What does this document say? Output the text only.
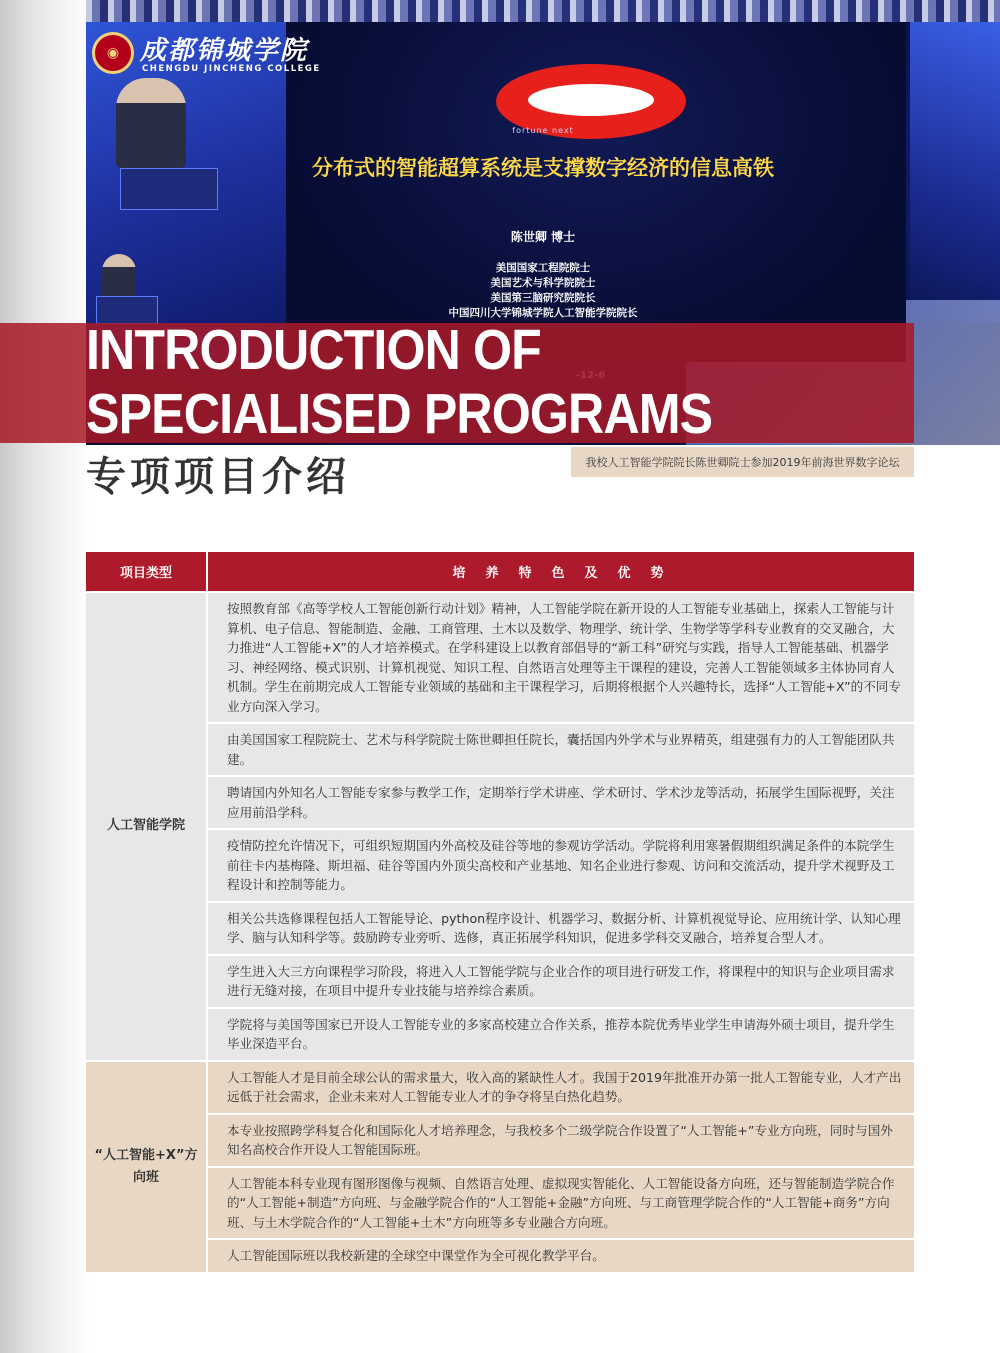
fortune next
分布式的智能超算系统是支撑数字经济的信息高铁
陈世卿 博士
美国国家工程院院士
美国艺术与科学院院士
美国第三脑研究院院长
中国四川大学锦城学院人工智能学院院长
◉ 成都锦城学院
CHENGDU JINCHENG COLLEGE
INTRODUCTION OF
SPECIALISED PROGRAMS
专项项目介绍	我校人工智能学院院长陈世卿院士参加2019年前海世界数字论坛
项目类型	培养特色及优势
人工智能学院	按照教育部《高等学校人工智能创新行动计划》精神，人工智能学院在新开设的人工智能专业基础上，探索人工智能与计算机、电子信息、智能制造、金融、工商管理、土木以及数学、物理学、统计学、生物学等学科专业教育的交叉融合，大力推进“人工智能+X”的人才培养模式。在学科建设上以教育部倡导的“新工科”研究与实践，指导人工智能基础、机器学习、神经网络、模式识别、计算机视觉、知识工程、自然语言处理等主干课程的建设，完善人工智能领域多主体协同育人机制。学生在前期完成人工智能专业领域的基础和主干课程学习，后期将根据个人兴趣特长，选择“人工智能+X”的不同专业方向深入学习。
	由美国国家工程院院士、艺术与科学院院士陈世卿担任院长，囊括国内外学术与业界精英，组建强有力的人工智能团队共建。
	聘请国内外知名人工智能专家参与教学工作，定期举行学术讲座、学术研讨、学术沙龙等活动，拓展学生国际视野，关注应用前沿学科。
	疫情防控允许情况下，可组织短期国内外高校及硅谷等地的参观访学活动。学院将利用寒暑假期组织满足条件的本院学生前往卡内基梅隆、斯坦福、硅谷等国内外顶尖高校和产业基地、知名企业进行参观、访问和交流活动，提升学术视野及工程设计和控制等能力。
	相关公共选修课程包括人工智能导论、python程序设计、机器学习、数据分析、计算机视觉导论、应用统计学、认知心理学、脑与认知科学等。鼓励跨专业旁听、选修，真正拓展学科知识，促进多学科交叉融合，培养复合型人才。
	学生进入大三方向课程学习阶段，将进入人工智能学院与企业合作的项目进行研发工作，将课程中的知识与企业项目需求进行无缝对接，在项目中提升专业技能与培养综合素质。
	学院将与美国等国家已开设人工智能专业的多家高校建立合作关系，推荐本院优秀毕业学生申请海外硕士项目，提升学生毕业深造平台。
“人工智能+X”方向班	人工智能人才是目前全球公认的需求量大，收入高的紧缺性人才。我国于2019年批准开办第一批人工智能专业，人才产出远低于社会需求，企业未来对人工智能专业人才的争夺将呈白热化趋势。
	本专业按照跨学科复合化和国际化人才培养理念，与我校多个二级学院合作设置了“人工智能+”专业方向班，同时与国外知名高校合作开设人工智能国际班。
	人工智能本科专业现有图形图像与视频、自然语言处理、虚拟现实智能化、人工智能设备方向班，还与智能制造学院合作的“人工智能+制造”方向班、与金融学院合作的“人工智能+金融”方向班、与工商管理学院合作的“人工智能+商务”方向班、与土木学院合作的“人工智能+土木”方向班等多专业融合方向班。
	人工智能国际班以我校新建的全球空中课堂作为全可视化教学平台。
